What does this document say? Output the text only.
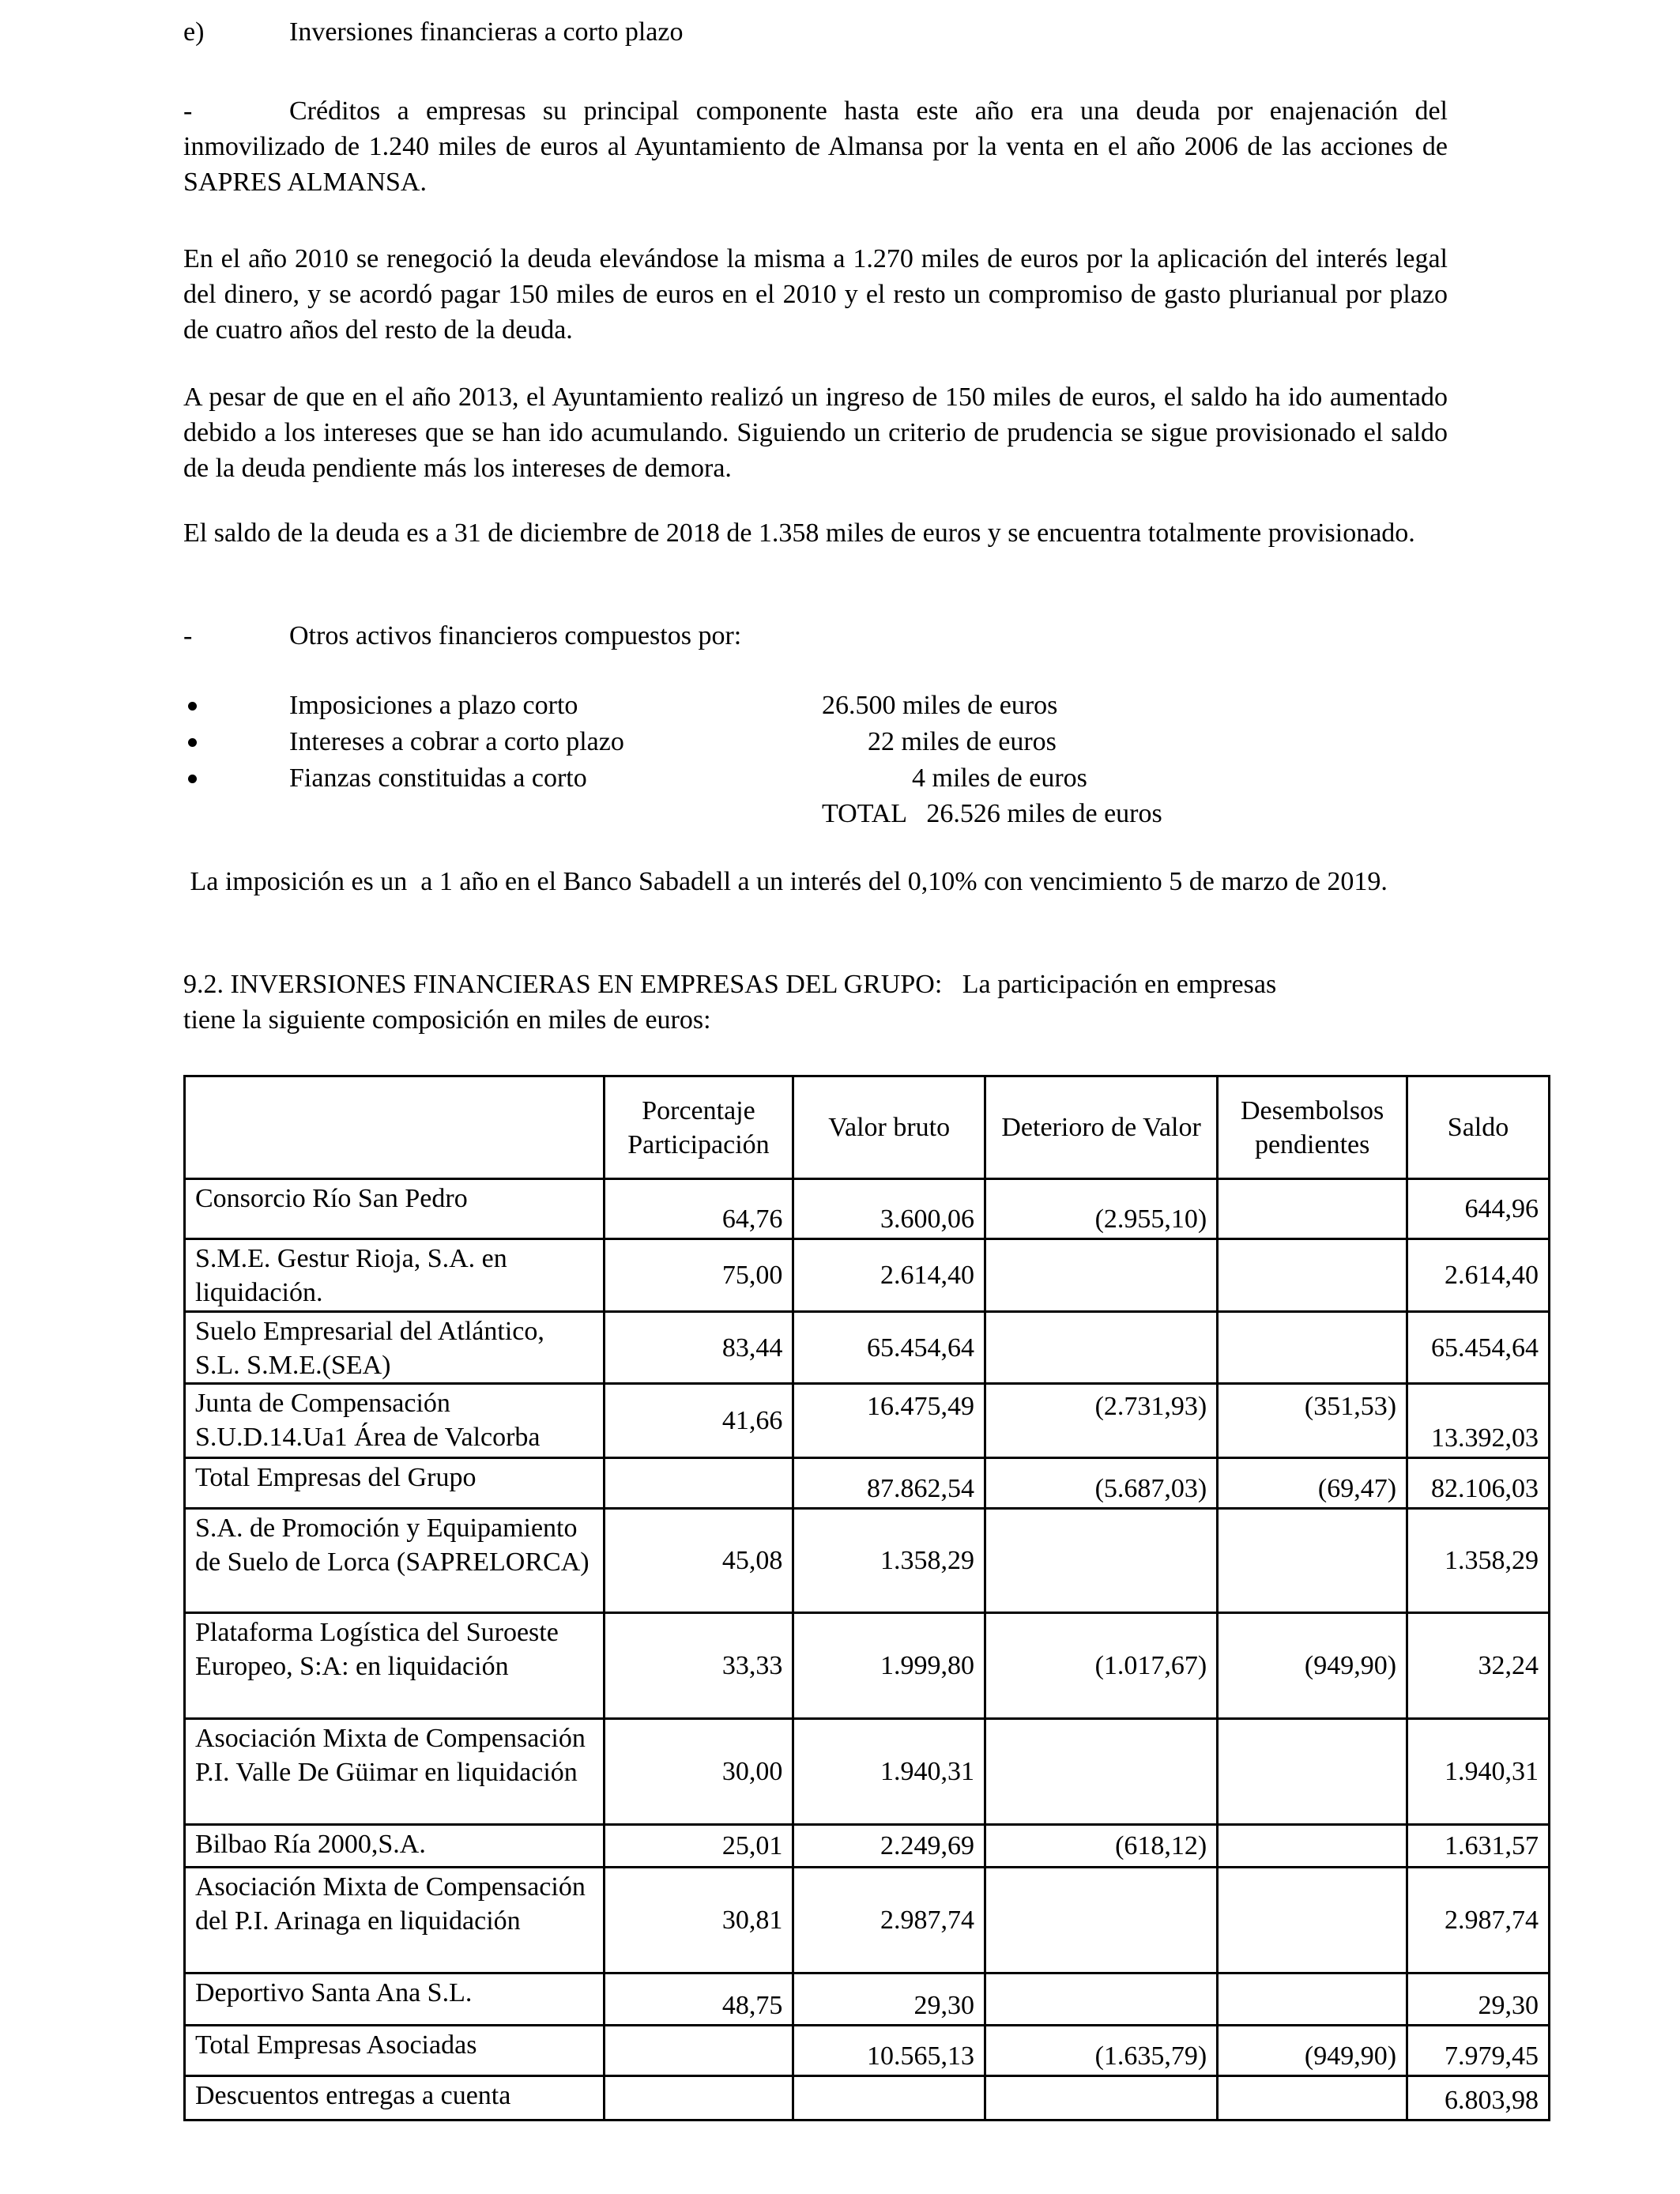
e)	Inversiones financieras a corto plazo
-	Créditos a empresas su principal componente hasta este año era una deuda por enajenación del
inmovilizado de 1.240 miles de euros al Ayuntamiento de Almansa por la venta en el año 2006 de las acciones de SAPRES ALMANSA.
En el año 2010 se renegoció la deuda elevándose la misma a 1.270 miles de euros por la aplicación del interés legal del dinero, y se acordó pagar 150 miles de euros en el 2010 y el resto un compromiso de gasto plurianual por plazo de cuatro años del resto de la deuda.
A pesar de que en el año 2013, el Ayuntamiento realizó un ingreso de 150 miles de euros, el saldo ha ido aumentado debido a los intereses que se han ido acumulando. Siguiendo un criterio de prudencia se sigue provisionado el saldo de la deuda pendiente más los intereses de demora.
El saldo de la deuda es a 31 de diciembre de 2018 de 1.358 miles de euros y se encuentra totalmente provisionado.
-	Otros activos financieros compuestos por:
Imposiciones a plazo corto	26.500 miles de euros
Intereses a cobrar a corto plazo	22 miles de euros
Fianzas constituidas a corto	4 miles de euros
TOTAL   26.526 miles de euros
La imposición es un  a 1 año en el Banco Sabadell a un interés del 0,10% con vencimiento 5 de marzo de 2019.
9.2. INVERSIONES FINANCIERAS EN EMPRESAS DEL GRUPO:   La participación en empresas
tiene la siguiente composición en miles de euros:
	Porcentaje Participación	Valor bruto	Deterioro de Valor	Desembolsos pendientes	Saldo
Consorcio Río San Pedro	64,76	3.600,06	(2.955,10)		644,96
S.M.E. Gestur Rioja, S.A. en liquidación.	75,00	2.614,40			2.614,40
Suelo Empresarial del Atlántico, S.L. S.M.E.(SEA)	83,44	65.454,64			65.454,64
Junta de Compensación S.U.D.14.Ua1 Área de Valcorba	41,66	16.475,49	(2.731,93)	(351,53)	13.392,03
Total Empresas del Grupo		87.862,54	(5.687,03)	(69,47)	82.106,03
S.A. de Promoción y Equipamiento de Suelo de Lorca (SAPRELORCA)	45,08	1.358,29			1.358,29
Plataforma Logística del Suroeste Europeo, S:A: en liquidación	33,33	1.999,80	(1.017,67)	(949,90)	32,24
Asociación Mixta de Compensación P.I. Valle De Güimar en liquidación	30,00	1.940,31			1.940,31
Bilbao Ría 2000,S.A.	25,01	2.249,69	(618,12)		1.631,57
Asociación Mixta de Compensación del P.I. Arinaga en liquidación	30,81	2.987,74			2.987,74
Deportivo Santa Ana S.L.	48,75	29,30			29,30
Total Empresas Asociadas		10.565,13	(1.635,79)	(949,90)	7.979,45
Descuentos entregas a cuenta					6.803,98
